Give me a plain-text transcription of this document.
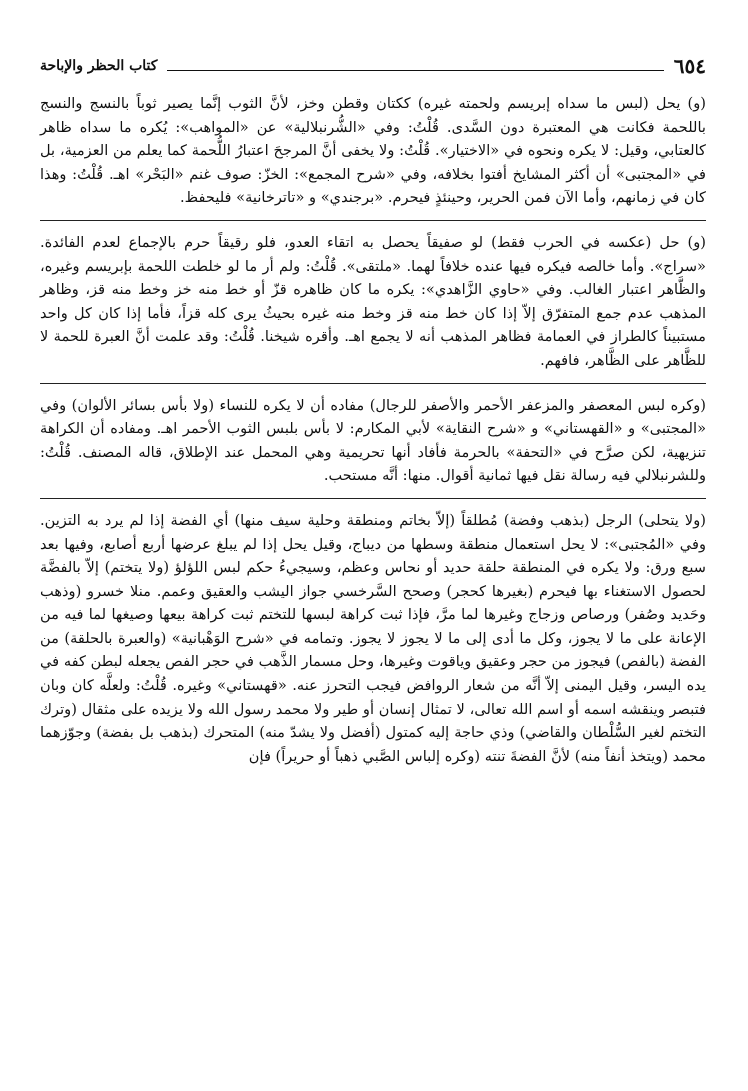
٦٥٤
كتاب الحظر والإباحة

(و) يحل (لبس ما سداه إبريسم ولحمته غيره) ككتان وقطن وخز، لأنَّ الثوب إنَّما يصير ثوباً بالنسج والنسج باللحمة فكانت هي المعتبرة دون السَّدى. قُلْتُ: وفي «الشُّرنبلالية» عن «المواهب»: يُكره ما سداه ظاهر كالعتابي، وقيل: لا يكره ونحوه في «الاختيار». قُلْتُ: ولا يخفى أنَّ المرجحَ اعتبارُ اللُّحمة كما يعلم من العزمية، بل في «المجتبى» أن أكثر المشايخ أفتوا بخلافه، وفي «شرح المجمع»: الخزّ: صوف غنم «البَحْر» اهـ. قُلْتُ: وهذا كان في زمانهم، وأما الآن فمن الحرير، وحينئذٍ فيحرم. «برجندي» و «تاترخانية» فليحفظ.

(و) حل (عكسه في الحرب فقط) لو صفيقاً يحصل به اتقاء العدو، فلو رقيقاً حرم بالإجماع لعدم الفائدة. «سراج». وأما خالصه فيكره فيها عنده خلافاً لهما. «ملتقى». قُلْتُ: ولم أر ما لو خلطت اللحمة بإبريسم وغيره، والظَّاهر اعتبار الغالب. وفي «حاوي الزَّاهدي»: يكره ما كان ظاهره قزّ أو خط منه خز وخط منه قز، وظاهر المذهب عدم جمع المتفرّق إلاّ إذا كان خط منه قز وخط منه غيره بحيثُ يرى كله قزاً، فأما إذا كان كل واحد مستبيناً كالطراز في العمامة فظاهر المذهب أنه لا يجمع اهـ. وأقره شيخنا. قُلْتُ: وقد علمت أنَّ العبرة للحمة لا للظَّاهر على الظَّاهر، فافهم.

(وكره لبس المعصفر والمزعفر الأحمر والأصفر للرجال) مفاده أن لا يكره للنساء (ولا بأس بسائر الألوان) وفي «المجتبى» و «القهستاني» و «شرح النقاية» لأبي المكارم: لا بأس بلبس الثوب الأحمر اهـ. ومفاده أن الكراهة تنزيهية، لكن صرَّح في «التحفة» بالحرمة فأفاد أنها تحريمية وهي المحمل عند الإطلاق، قاله المصنف. قُلْتُ: وللشرنبلالي فيه رسالة نقل فيها ثمانية أقوال. منها: أنَّه مستحب.

(ولا يتحلى) الرجل (بذهب وفضة) مُطلقاً (إلاّ بخاتم ومنطقة وحلية سيف منها) أي الفضة إذا لم يرد به التزين. وفي «المُجتبى»: لا يحل استعمال منطقة وسطها من ديباج، وقيل يحل إذا لم يبلغ عرضها أربع أصابع، وفيها بعد سبع ورق: ولا يكره في المنطقة حلقة حديد أو نحاس وعظم، وسيجيءُ حكم لبس اللؤلؤ (ولا يتختم) إلاّ بالفضَّة لحصول الاستغناء بها فيحرم (بغيرها كحجر) وصحح السَّرخسي جواز اليشب والعقيق وعمم. منلا خسرو (وذهب وحَديد وصُفر) ورصاص وزجاج وغيرها لما مرَّ، فإذا ثبت كراهة لبسها للتختم ثبت كراهة بيعها وصيغها لما فيه من الإعانة على ما لا يجوز، وكل ما أدى إلى ما لا يجوز لا يجوز. وتمامه في «شرح الوَهْبانية» (والعبرة بالحلقة) من الفضة (بالفص) فيجوز من حجر وعقيق وياقوت وغيرها، وحل مسمار الذَّهب في حجر الفص يجعله لبطن كفه في يده اليسر، وقيل اليمنى إلاّ أنَّه من شعار الروافض فيجب التحرز عنه. «قهستاني» وغيره. قُلْتُ: ولعلَّه كان وبان فتبصر وينقشه اسمه أو اسم الله تعالى، لا تمثال إنسان أو طير ولا محمد رسول الله ولا يزيده على مثقال (وترك التختم لغير السُّلْطان والقاضي) وذي حاجة إليه كمتول (أفضل ولا يشدّ منه) المتحرك (بذهب بل بفضة) وجوّزهما محمد (ويتخذ أنفاً منه) لأنَّ الفضةَ تنته (وكره إلباس الصَّبي ذهباً أو حريراً) فإن
